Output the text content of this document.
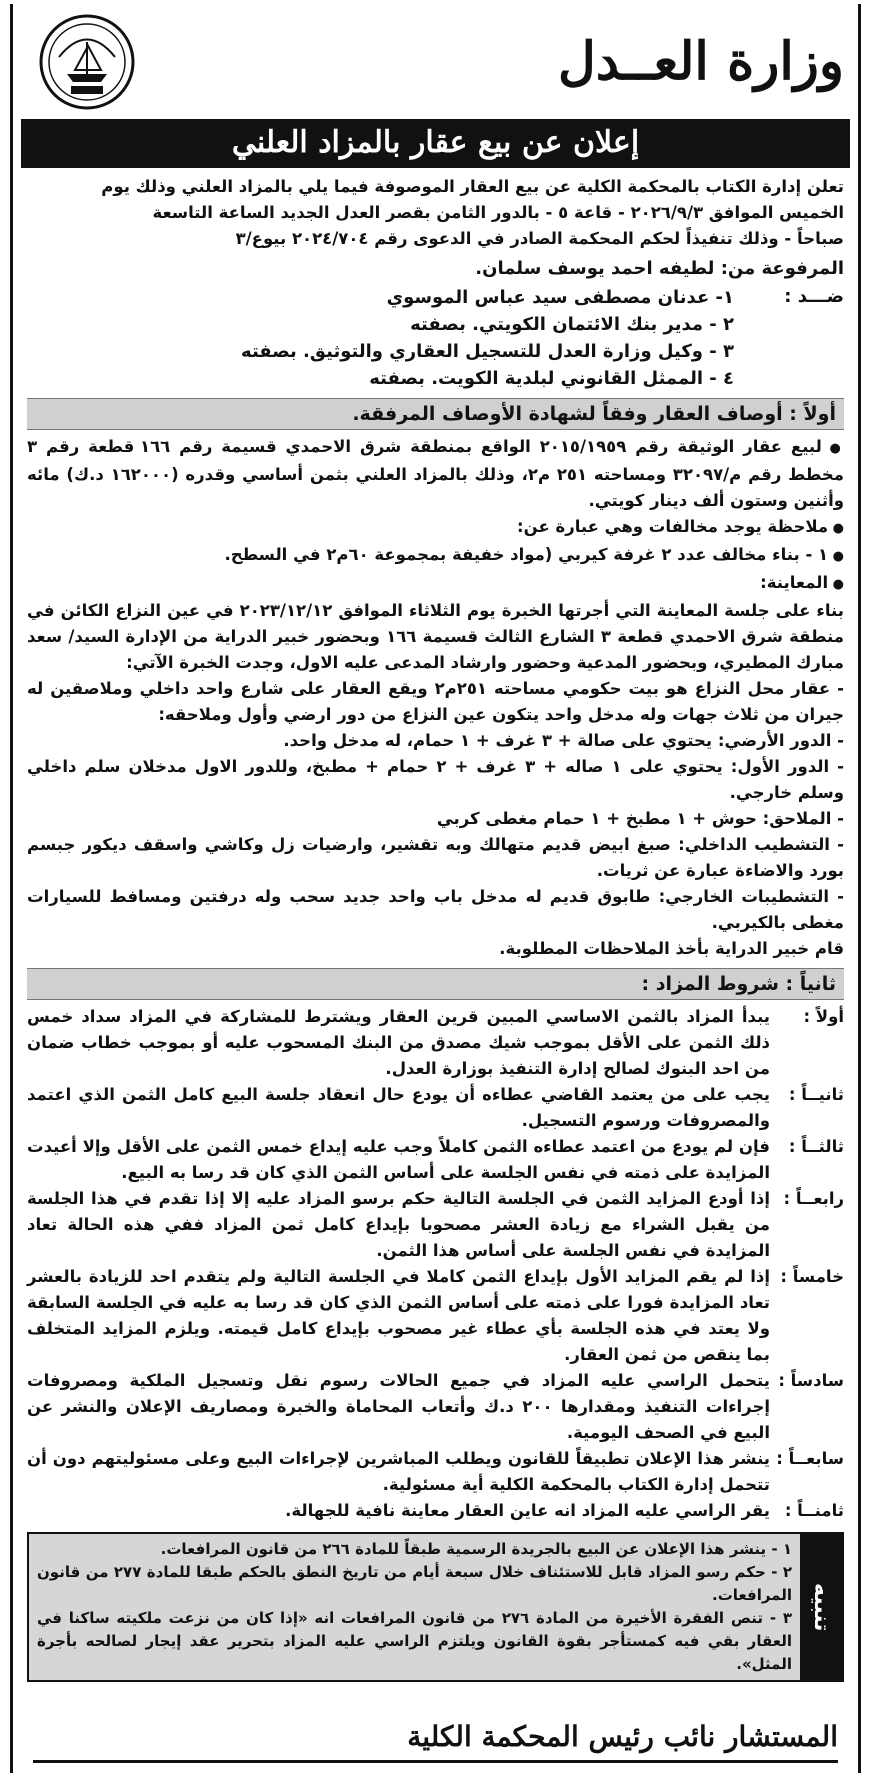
وزارة العــدل
إعلان عن بيع عقار بالمزاد العلني

تعلن إدارة الكتاب بالمحكمة الكلية عن بيع العقار الموصوفة فيما يلي بالمزاد العلني وذلك يوم

الخميس الموافق ٢٠٢٦/٩/٣ - قاعة ٥ - بالدور الثامن بقصر العدل الجديد الساعة التاسعة

صباحاً - وذلك تنفيذاً لحكم المحكمة الصادر في الدعوى رقم ٢٠٢٤/٧٠٤ بيوع/٣

المرفوعة من: لطيفه احمد يوسف سلمان.
ضـــد :
١- عدنان مصطفى سيد عباس الموسوي
٢ - مدير بنك الائتمان الكويتي. بصفته
٣ - وكيل وزارة العدل للتسجيل العقاري والتوثيق. بصفته
٤ - الممثل القانوني لبلدية الكويت. بصفته
أولاً : أوصاف العقار وفقاً لشهادة الأوصاف المرفقة.

● لبيع عقار الوثيقة رقم ٢٠١٥/١٩٥٩ الواقع بمنطقة شرق الاحمدي قسيمة رقم ١٦٦ قطعة رقم ٣ مخطط رقم م/٣٢٠٩٧ ومساحته ٢٥١ م٢، وذلك بالمزاد العلني بثمن أساسي وقدره (١٦٢٠٠٠ د.ك) مائه وأثنين وستون ألف دينار كويتي.

● ملاحظة يوجد مخالفات وهي عبارة عن:

● ١ - بناء مخالف عدد ٢ غرفة كيربي (مواد خفيفة بمجموعة ٦٠م٢ في السطح.

● المعاينة:

بناء على جلسة المعاينة التي أجرتها الخبرة يوم الثلاثاء الموافق ٢٠٢٣/١٢/١٢ في عين النزاع الكائن في منطقة شرق الاحمدي قطعة ٣ الشارع الثالث قسيمة ١٦٦ وبحضور خبير الدراية من الإدارة السيد/ سعد مبارك المطيري، وبحضور المدعية وحضور وارشاد المدعى عليه الاول، وجدت الخبرة الآتي:

- عقار محل النزاع هو بيت حكومي مساحته ٢٥١م٢ ويقع العقار على شارع واحد داخلي وملاصقين له جيران من ثلاث جهات وله مدخل واحد يتكون عين النزاع من دور ارضي وأول وملاحقه:

- الدور الأرضي: يحتوي على صالة + ٣ غرف + ١ حمام، له مدخل واحد.

- الدور الأول: يحتوي على ١ صاله + ٣ غرف + ٢ حمام + مطبخ، وللدور الاول مدخلان سلم داخلي وسلم خارجي.

- الملاحق: حوش + ١ مطبخ + ١ حمام مغطى كربي

- التشطيب الداخلي: صبغ ابيض قديم متهالك وبه تقشير، وارضيات زل وكاشي واسقف ديكور جبسم بورد والاضاءة عبارة عن ثريات.

- التشطيبات الخارجي: طابوق قديم له مدخل باب واحد جديد سحب وله درفتين ومسافط للسيارات مغطى بالكيربي.

قام خبير الدراية بأخذ الملاحظات المطلوبة.

ثانياً : شروط المزاد :
أولاً :
يبدأ المزاد بالثمن الاساسي المبين قرين العقار ويشترط للمشاركة في المزاد سداد خمس ذلك الثمن على الأقل بموجب شيك مصدق من البنك المسحوب عليه أو بموجب خطاب ضمان من احد البنوك لصالح إدارة التنفيذ بوزارة العدل.
ثانيــاً :
يجب على من يعتمد القاضي عطاءه أن يودع حال انعقاد جلسة البيع كامل الثمن الذي اعتمد والمصروفات ورسوم التسجيل.
ثالثــاً :
فإن لم يودع من اعتمد عطاءه الثمن كاملاً وجب عليه إيداع خمس الثمن على الأقل وإلا أعيدت المزايدة على ذمته في نفس الجلسة على أساس الثمن الذي كان قد رسا به البيع.
رابعــاً :
إذا أودع المزايد الثمن في الجلسة التالية حكم برسو المزاد عليه إلا إذا تقدم في هذا الجلسة من يقبل الشراء مع زيادة العشر مصحوبا بإيداع كامل ثمن المزاد ففي هذه الحالة تعاد المزايدة في نفس الجلسة على أساس هذا الثمن.
خامساً :
إذا لم يقم المزايد الأول بإيداع الثمن كاملا في الجلسة التالية ولم يتقدم احد للزيادة بالعشر تعاد المزايدة فورا على ذمته على أساس الثمن الذي كان قد رسا به عليه في الجلسة السابقة ولا يعتد في هذه الجلسة بأي عطاء غير مصحوب بإيداع كامل قيمته. ويلزم المزايد المتخلف بما ينقص من ثمن العقار.
سادساً :
يتحمل الراسي عليه المزاد في جميع الحالات رسوم نقل وتسجيل الملكية ومصروفات إجراءات التنفيذ ومقدارها ٢٠٠ د.ك وأتعاب المحاماة والخبرة ومصاريف الإعلان والنشر عن البيع في الصحف اليومية.
سابعــاً :
ينشر هذا الإعلان تطبيقاً للقانون ويطلب المباشرين لإجراءات البيع وعلى مسئوليتهم دون أن تتحمل إدارة الكتاب بالمحكمة الكلية أية مسئولية.
ثامنــاً :
يقر الراسي عليه المزاد انه عاين العقار معاينة نافية للجهالة.
تنبيه
١ - ينشر هذا الإعلان عن البيع بالجريدة الرسمية طبقاً للمادة ٢٦٦ من قانون المرافعات.
٢ - حكم رسو المزاد قابل للاستئناف خلال سبعة أيام من تاريخ النطق بالحكم طبقا للمادة ٢٧٧ من قانون المرافعات.
٣ - تنص الفقرة الأخيرة من المادة ٢٧٦ من قانون المرافعات انه «إذا كان من نزعت ملكيته ساكنا في العقار بقي فيه كمستأجر بقوة القانون ويلتزم الراسي عليه المزاد بتحرير عقد إيجار لصالحه بأجرة المثل».
المستشار نائب رئيس المحكمة الكلية
